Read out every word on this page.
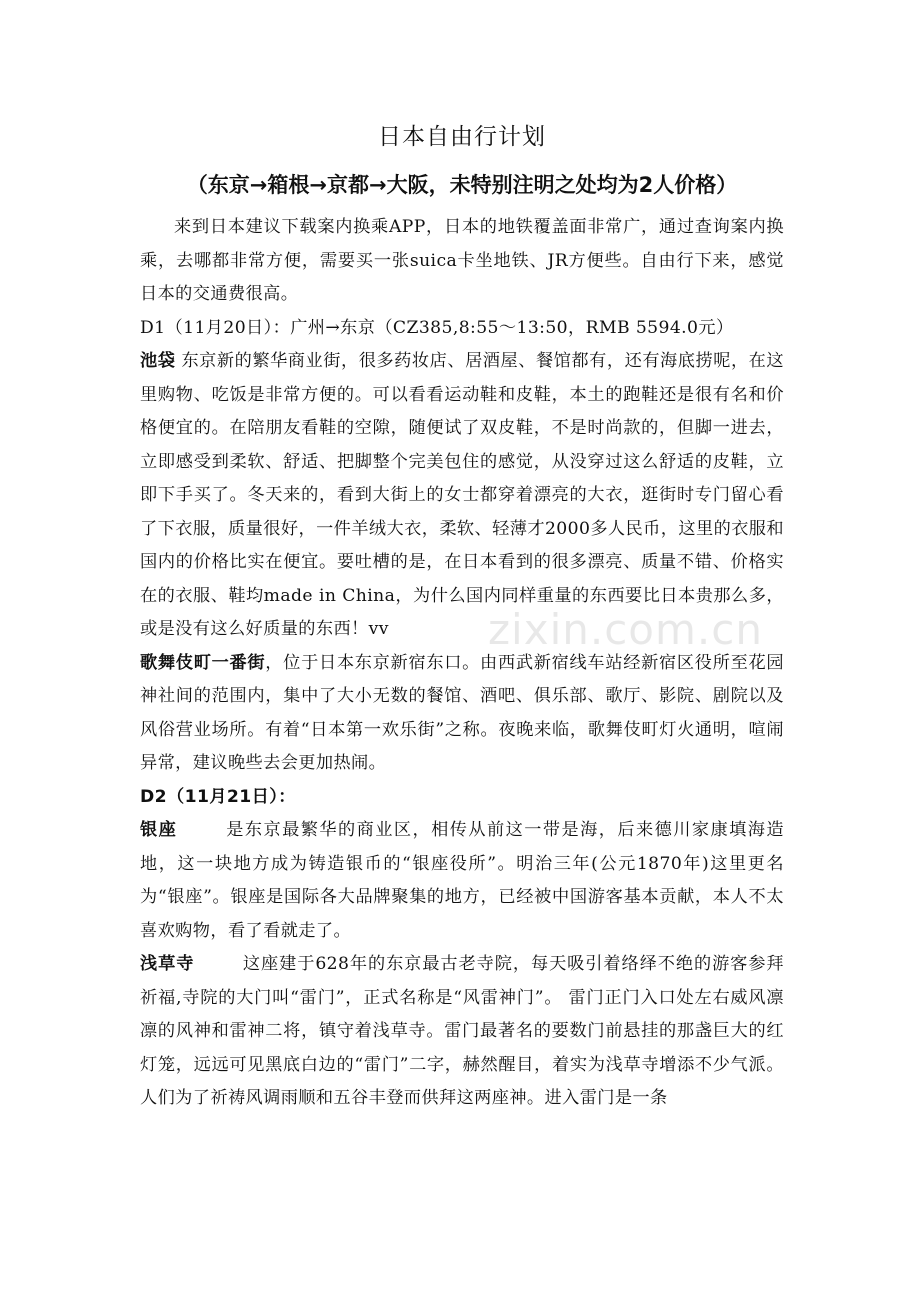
日本自由行计划
（东京→箱根→京都→大阪，未特别注明之处均为2人价格）

来到日本建议下载案内换乘APP，日本的地铁覆盖面非常广，通过查询案内换乘，去哪都非常方便，需要买一张suica卡坐地铁、JR方便些。自由行下来，感觉日本的交通费很高。

D1（11月20日）：广州→东京（CZ385,8:55～13:50，RMB 5594.0元）

池袋 东京新的繁华商业街，很多药妆店、居酒屋、餐馆都有，还有海底捞呢，在这里购物、吃饭是非常方便的。可以看看运动鞋和皮鞋，本土的跑鞋还是很有名和价格便宜的。在陪朋友看鞋的空隙，随便试了双皮鞋，不是时尚款的，但脚一进去，立即感受到柔软、舒适、把脚整个完美包住的感觉，从没穿过这么舒适的皮鞋，立即下手买了。冬天来的，看到大街上的女士都穿着漂亮的大衣，逛街时专门留心看了下衣服，质量很好，一件羊绒大衣，柔软、轻薄才2000多人民币，这里的衣服和国内的价格比实在便宜。要吐槽的是，在日本看到的很多漂亮、质量不错、价格实在的衣服、鞋均made in China，为什么国内同样重量的东西要比日本贵那么多，或是没有这么好质量的东西！vv

歌舞伎町一番街，位于日本东京新宿东口。由西武新宿线车站经新宿区役所至花园神社间的范围内，集中了大小无数的餐馆、酒吧、俱乐部、歌厅、影院、剧院以及风俗营业场所。有着“日本第一欢乐街”之称。夜晚来临，歌舞伎町灯火通明，喧闹异常，建议晚些去会更加热闹。

D2（11月21日）：

银座	是东京最繁华的商业区，相传从前这一带是海，后来德川家康填海造地，这一块地方成为铸造银币的“银座役所”。明治三年(公元1870年)这里更名为“银座”。银座是国际各大品牌聚集的地方，已经被中国游客基本贡献，本人不太喜欢购物，看了看就走了。

浅草寺	这座建于628年的东京最古老寺院，每天吸引着络绎不绝的游客参拜祈福,寺院的大门叫“雷门”，正式名称是“风雷神门”。 雷门正门入口处左右威风凛凛的风神和雷神二将，镇守着浅草寺。雷门最著名的要数门前悬挂的那盏巨大的红灯笼，远远可见黑底白边的“雷门”二字，赫然醒目，着实为浅草寺增添不少气派。人们为了祈祷风调雨顺和五谷丰登而供拜这两座神。进入雷门是一条

zixin.com.cn
